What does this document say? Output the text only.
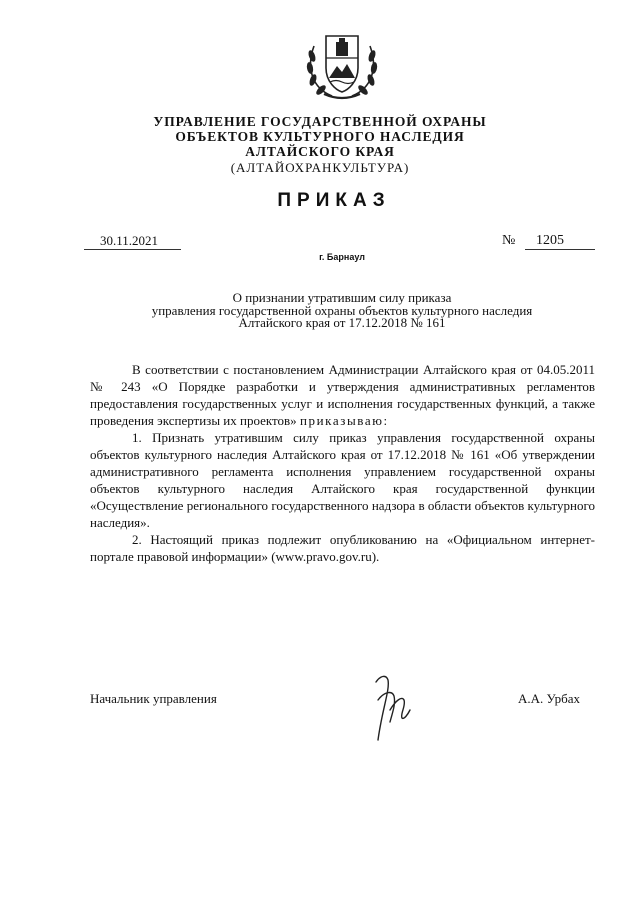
УПРАВЛЕНИЕ ГОСУДАРСТВЕННОЙ ОХРАНЫ
ОБЪЕКТОВ КУЛЬТУРНОГО НАСЛЕДИЯ
АЛТАЙСКОГО КРАЯ
(АЛТАЙОХРАНКУЛЬТУРА)
ПРИКАЗ
30.11.2021	№ 1205
г. Барнаул
О признании утратившим силу приказа
управления государственной охраны объектов культурного наследия
Алтайского края от 17.12.2018 № 161

В соответствии с постановлением Администрации Алтайского края от 04.05.2011 № 243 «О Порядке разработки и утверждения административных регламентов предоставления государственных услуг и исполнения государственных функций, а также проведения экспертизы их проектов» приказываю:

1. Признать утратившим силу приказ управления государственной охраны объектов культурного наследия Алтайского края от 17.12.2018 № 161 «Об утверждении административного регламента исполнения управлением государственной охраны объектов культурного наследия Алтайского края государственной функции «Осуществление регионального государственного надзора в области объектов культурного наследия».

2. Настоящий приказ подлежит опубликованию на «Официальном интернет-портале правовой информации» (www.pravo.gov.ru).

Начальник управления	А.А. Урбах
